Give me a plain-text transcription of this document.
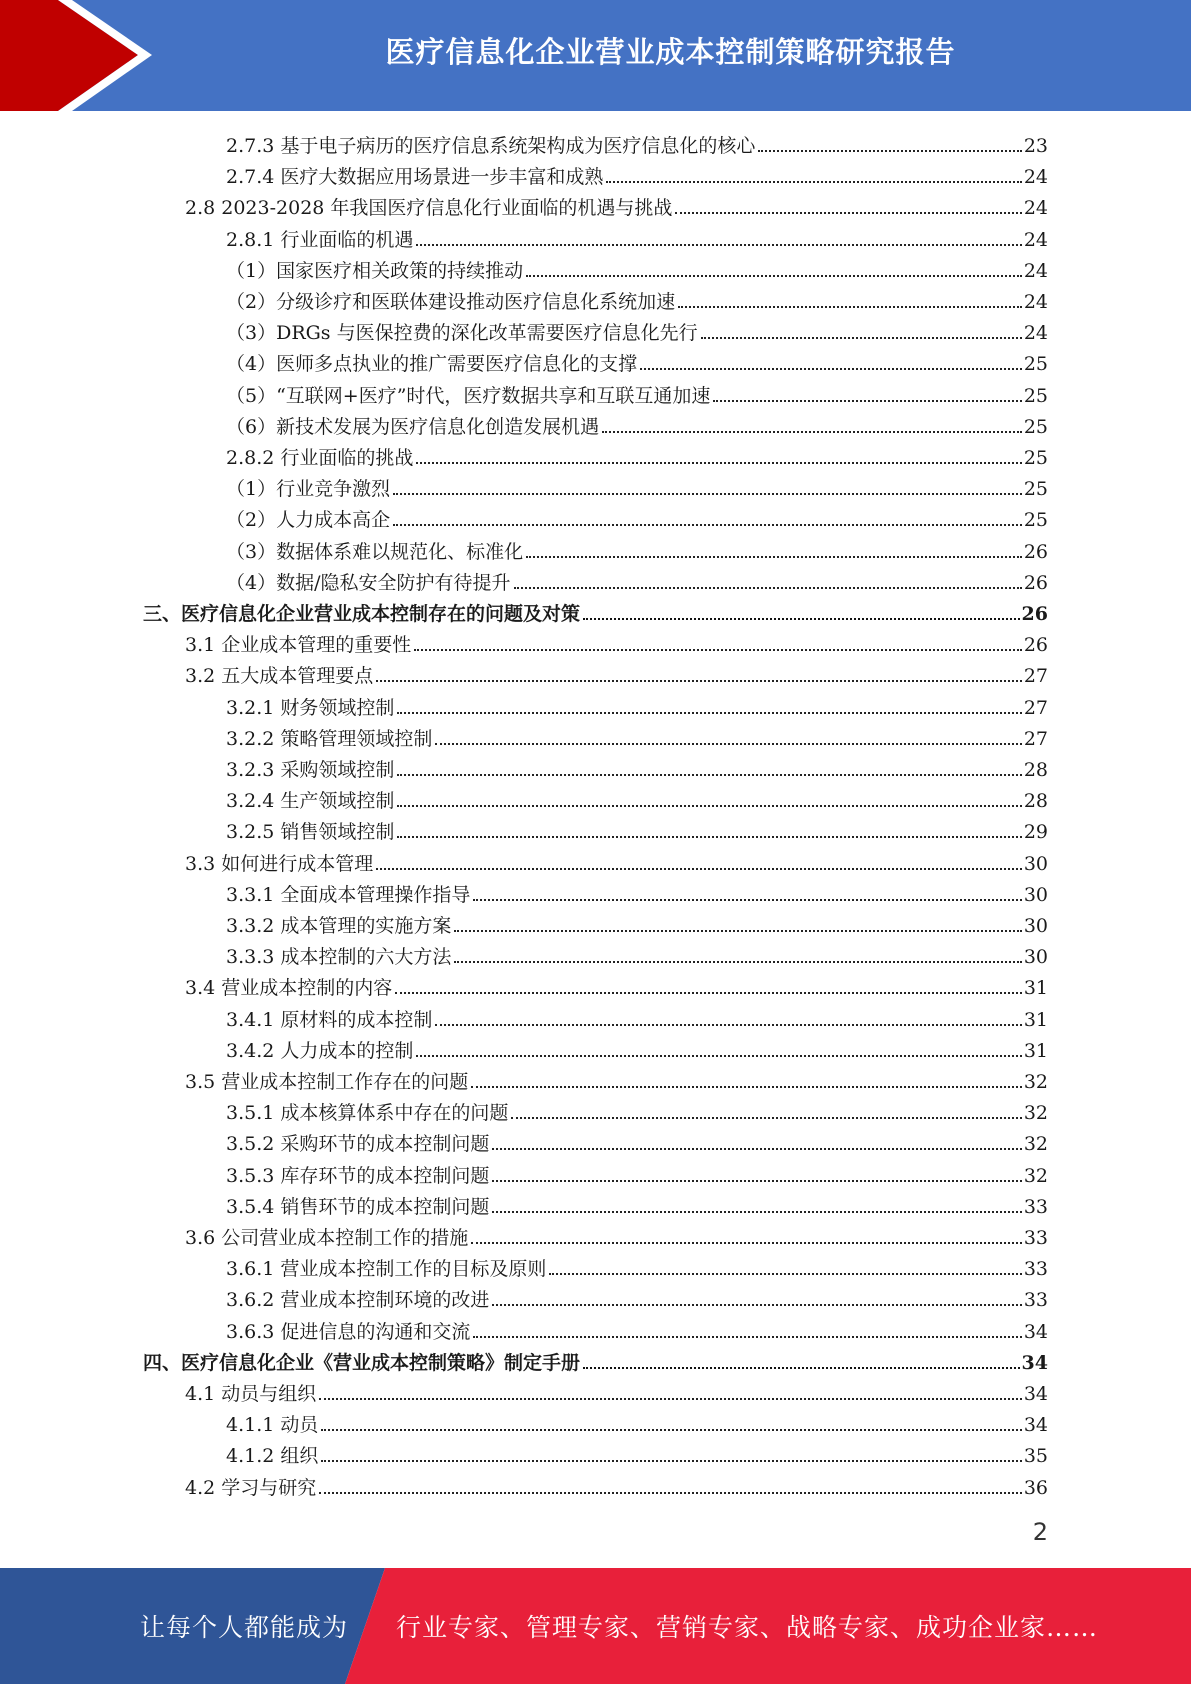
医疗信息化企业营业成本控制策略研究报告
2.7.3 基于电子病历的医疗信息系统架构成为医疗信息化的核心	23
2.7.4 医疗大数据应用场景进一步丰富和成熟	24
2.8 2023-2028 年我国医疗信息化行业面临的机遇与挑战	24
2.8.1 行业面临的机遇	24
（1）国家医疗相关政策的持续推动	24
（2）分级诊疗和医联体建设推动医疗信息化系统加速	24
（3）DRGs 与医保控费的深化改革需要医疗信息化先行	24
（4）医师多点执业的推广需要医疗信息化的支撑	25
（5）“互联网+医疗”时代，医疗数据共享和互联互通加速	25
（6）新技术发展为医疗信息化创造发展机遇	25
2.8.2 行业面临的挑战	25
（1）行业竞争激烈	25
（2）人力成本高企	25
（3）数据体系难以规范化、标准化	26
（4）数据/隐私安全防护有待提升	26
三、医疗信息化企业营业成本控制存在的问题及对策	26
3.1 企业成本管理的重要性	26
3.2 五大成本管理要点	27
3.2.1 财务领域控制	27
3.2.2 策略管理领域控制	27
3.2.3 采购领域控制	28
3.2.4 生产领域控制	28
3.2.5 销售领域控制	29
3.3 如何进行成本管理	30
3.3.1 全面成本管理操作指导	30
3.3.2 成本管理的实施方案	30
3.3.3 成本控制的六大方法	30
3.4 营业成本控制的内容	31
3.4.1 原材料的成本控制	31
3.4.2 人力成本的控制	31
3.5 营业成本控制工作存在的问题	32
3.5.1 成本核算体系中存在的问题	32
3.5.2 采购环节的成本控制问题	32
3.5.3 库存环节的成本控制问题	32
3.5.4 销售环节的成本控制问题	33
3.6 公司营业成本控制工作的措施	33
3.6.1 营业成本控制工作的目标及原则	33
3.6.2 营业成本控制环境的改进	33
3.6.3 促进信息的沟通和交流	34
四、医疗信息化企业《营业成本控制策略》制定手册	34
4.1 动员与组织	34
4.1.1 动员	34
4.1.2 组织	35
4.2 学习与研究	36
2
让每个人都能成为 行业专家、管理专家、营销专家、战略专家、成功企业家……
